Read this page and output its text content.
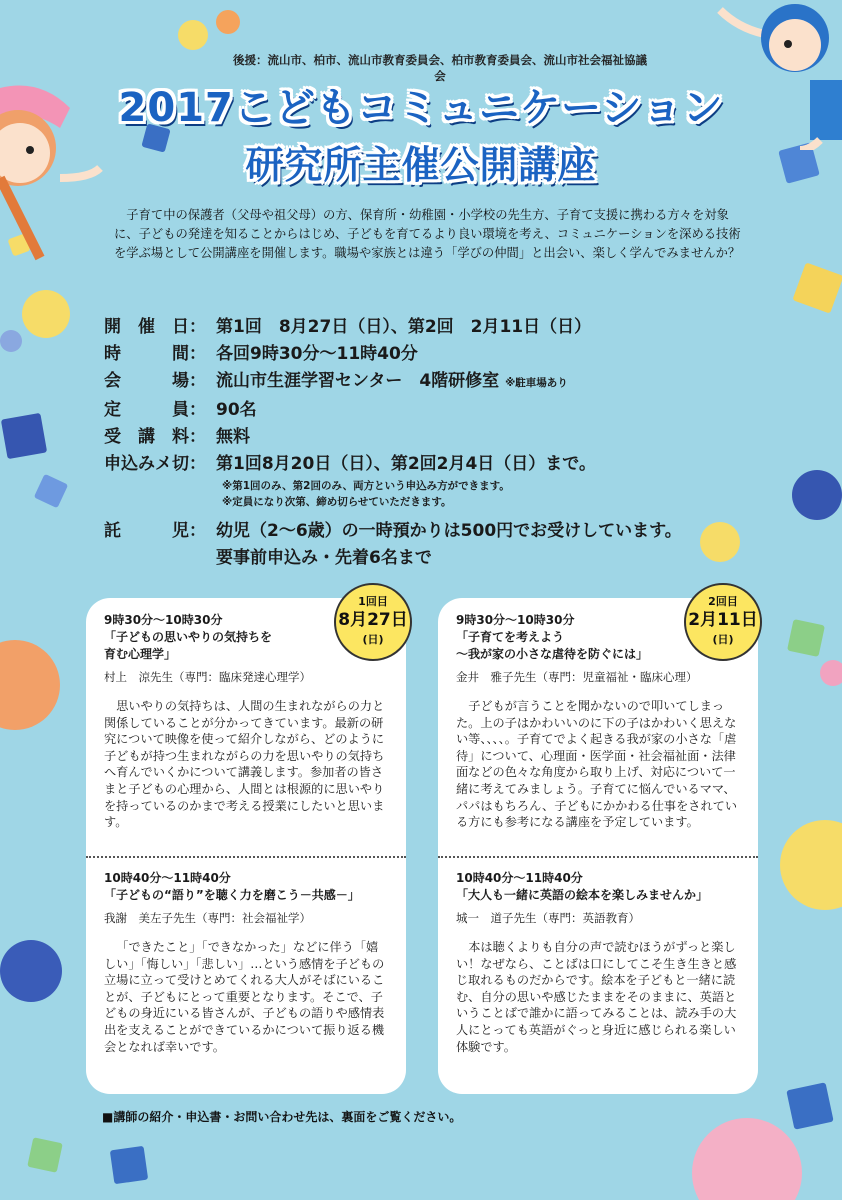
後援：流山市、柏市、流山市教育委員会、柏市教育委員会、流山市社会福祉協議会
2017こどもコミュニケーション
研究所主催公開講座

子育て中の保護者（父母や祖父母）の方、保育所・幼稚園・小学校の先生方、子育て支援に携わる方々を対象に、子どもの発達を知ることからはじめ、子どもを育てるより良い環境を考え、コミュニケーションを深める技術を学ぶ場として公開講座を開催します。職場や家族とは違う「学びの仲間」と出会い、楽しく学んでみませんか？

開　催　日： 第1回　8月27日（日）、第2回　2月11日（日）
時　　　間： 各回9時30分～11時40分
会　　　場： 流山市生涯学習センター　4階研修室 ※駐車場あり
定　　　員： 90名
受　講　料： 無料
申込みメ切： 第1回8月20日（日）、第2回2月4日（日）まで。
※第1回のみ、第2回のみ、両方という申込み方ができます。
※定員になり次第、締め切らせていただきます。
託　　　児： 幼児（2～6歳）の一時預かりは500円でお受けしています。

要事前申込み・先着6名まで
1回目
8月27日
(日)
9時30分～10時30分
「子どもの思いやりの気持ちを
育む心理学」
村上　涼先生（専門：臨床発達心理学）

思いやりの気持ちは、人間の生まれながらの力と関係していることが分かってきています。最新の研究について映像を使って紹介しながら、どのように子どもが持つ生まれながらの力を思いやりの気持ちへ育んでいくかについて講義します。参加者の皆さまと子どもの心理から、人間とは根源的に思いやりを持っているのかまで考える授業にしたいと思います。

10時40分～11時40分
「子どもの“語り”を聴く力を磨こう－共感－」
我謝　美左子先生（専門：社会福祉学）

「できたこと」「できなかった」などに伴う「嬉しい」「悔しい」「悲しい」…という感情を子どもの立場に立って受けとめてくれる大人がそばにいることが、子どもにとって重要となります。そこで、子どもの身近にいる皆さんが、子どもの語りや感情表出を支えることができているかについて振り返る機会となれば幸いです。

2回目
2月11日
(日)
9時30分～10時30分
「子育てを考えよう
～我が家の小さな虐待を防ぐには」
金井　雅子先生（専門：児童福祉・臨床心理）

子どもが言うことを聞かないので叩いてしまった。上の子はかわいいのに下の子はかわいく思えない等、、、、。子育てでよく起きる我が家の小さな「虐待」について、心理面・医学面・社会福祉面・法律面などの色々な角度から取り上げ、対応について一緒に考えてみましょう。子育てに悩んでいるママ、パパはもちろん、子どもにかかわる仕事をされている方にも参考になる講座を予定しています。

10時40分～11時40分
「大人も一緒に英語の絵本を楽しみませんか」
城一　道子先生（専門：英語教育）

本は聴くよりも自分の声で読むほうがずっと楽しい！なぜなら、ことばは口にしてこそ生き生きと感じ取れるものだからです。絵本を子どもと一緒に読む、自分の思いや感じたままをそのままに、英語ということばで誰かに語ってみることは、読み手の大人にとっても英語がぐっと身近に感じられる楽しい体験です。

■講師の紹介・申込書・お問い合わせ先は、裏面をご覧ください。
